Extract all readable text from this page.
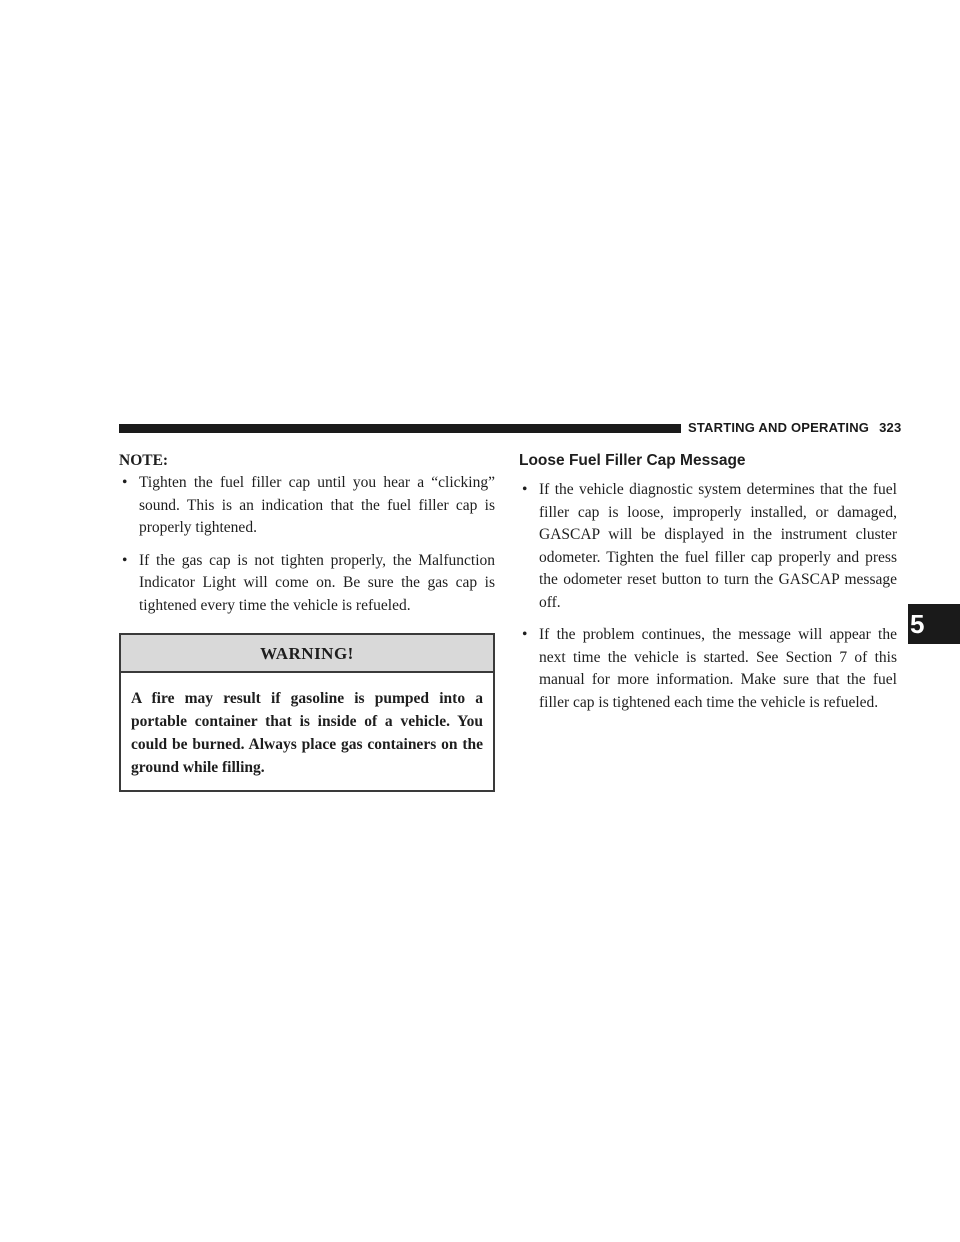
STARTING AND OPERATING 323
NOTE:
• Tighten the fuel filler cap until you hear a “clicking” sound. This is an indication that the fuel filler cap is properly tightened.
• If the gas cap is not tighten properly, the Malfunction Indicator Light will come on. Be sure the gas cap is tightened every time the vehicle is refueled.
WARNING!
A fire may result if gasoline is pumped into a portable container that is inside of a vehicle. You could be burned. Always place gas containers on the ground while filling.
Loose Fuel Filler Cap Message
• If the vehicle diagnostic system determines that the fuel filler cap is loose, improperly installed, or damaged, GASCAP will be displayed in the instrument cluster odometer. Tighten the fuel filler cap properly and press the odometer reset button to turn the GASCAP message off.
• If the problem continues, the message will appear the next time the vehicle is started. See Section 7 of this manual for more information. Make sure that the fuel filler cap is tightened each time the vehicle is refueled.
5
